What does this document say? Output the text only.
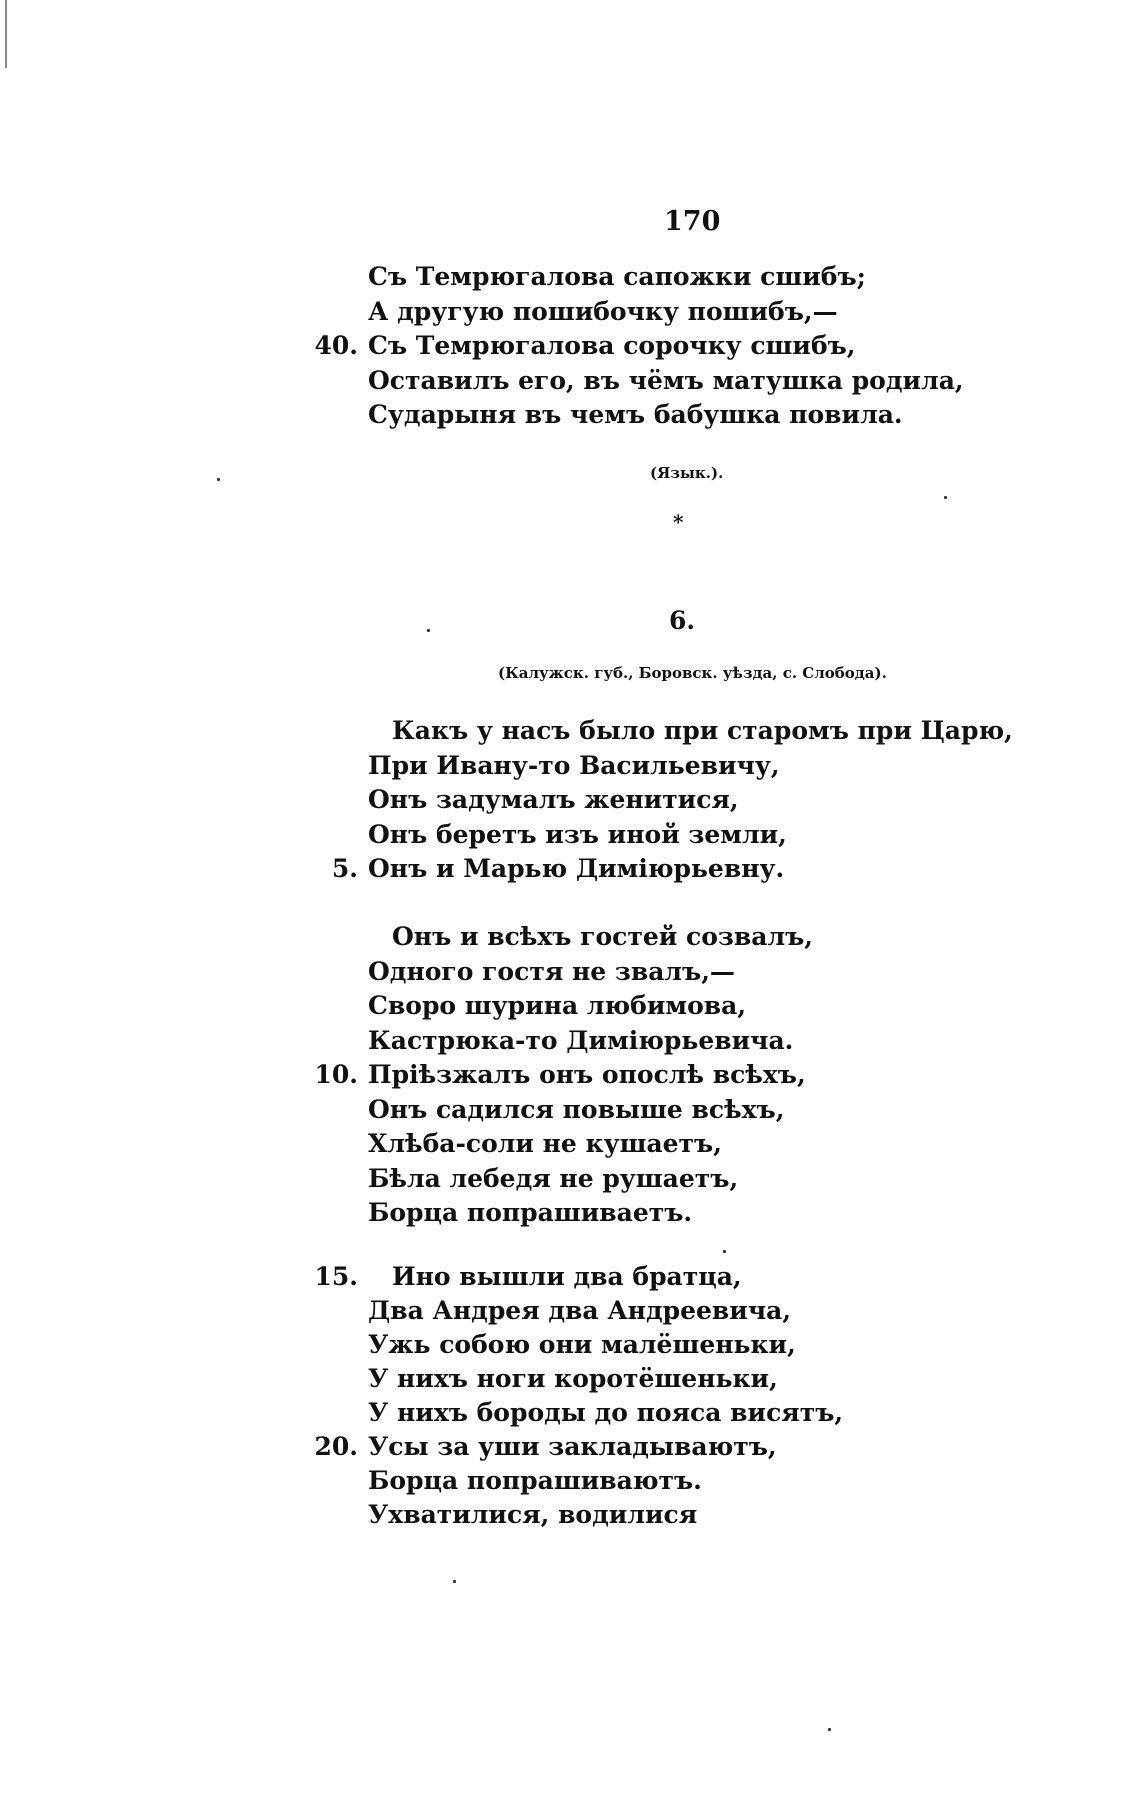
170
Съ Темрюгалова сапожки сшибъ;
А другую пошибочку пошибъ,—
40. Съ Темрюгалова сорочку сшибъ,
Оставилъ его, въ чёмъ матушка родила,
Сударыня въ чемъ бабушка повила.
(Язык.).
*
6.
(Калужск. губ., Боровск. уѣзда, с. Слобода).
Какъ у насъ было при старомъ при Царю,
При Ивану-то Васильевичу,
Онъ задумалъ женитися,
Онъ беретъ изъ иной земли,
5. Онъ и Марью Димiюрьевну.
Онъ и всѣхъ гостей созвалъ,
Одного гостя не звалъ,—
Своро шурина любимова,
Кастрюка-то Димiюрьевича.
10. Прiѣзжалъ онъ опослѣ всѣхъ,
Онъ садился повыше всѣхъ,
Хлѣба-соли не кушаетъ,
Бѣла лебедя не рушаетъ,
Борца попрашиваетъ.
15. Ино вышли два братца,
Два Андрея два Андреевича,
Ужь собою они малёшеньки,
У нихъ ноги коротёшеньки,
У нихъ бороды до пояса висятъ,
20. Усы за уши закладываютъ,
Борца попрашиваютъ.
Ухватилися, водилися
